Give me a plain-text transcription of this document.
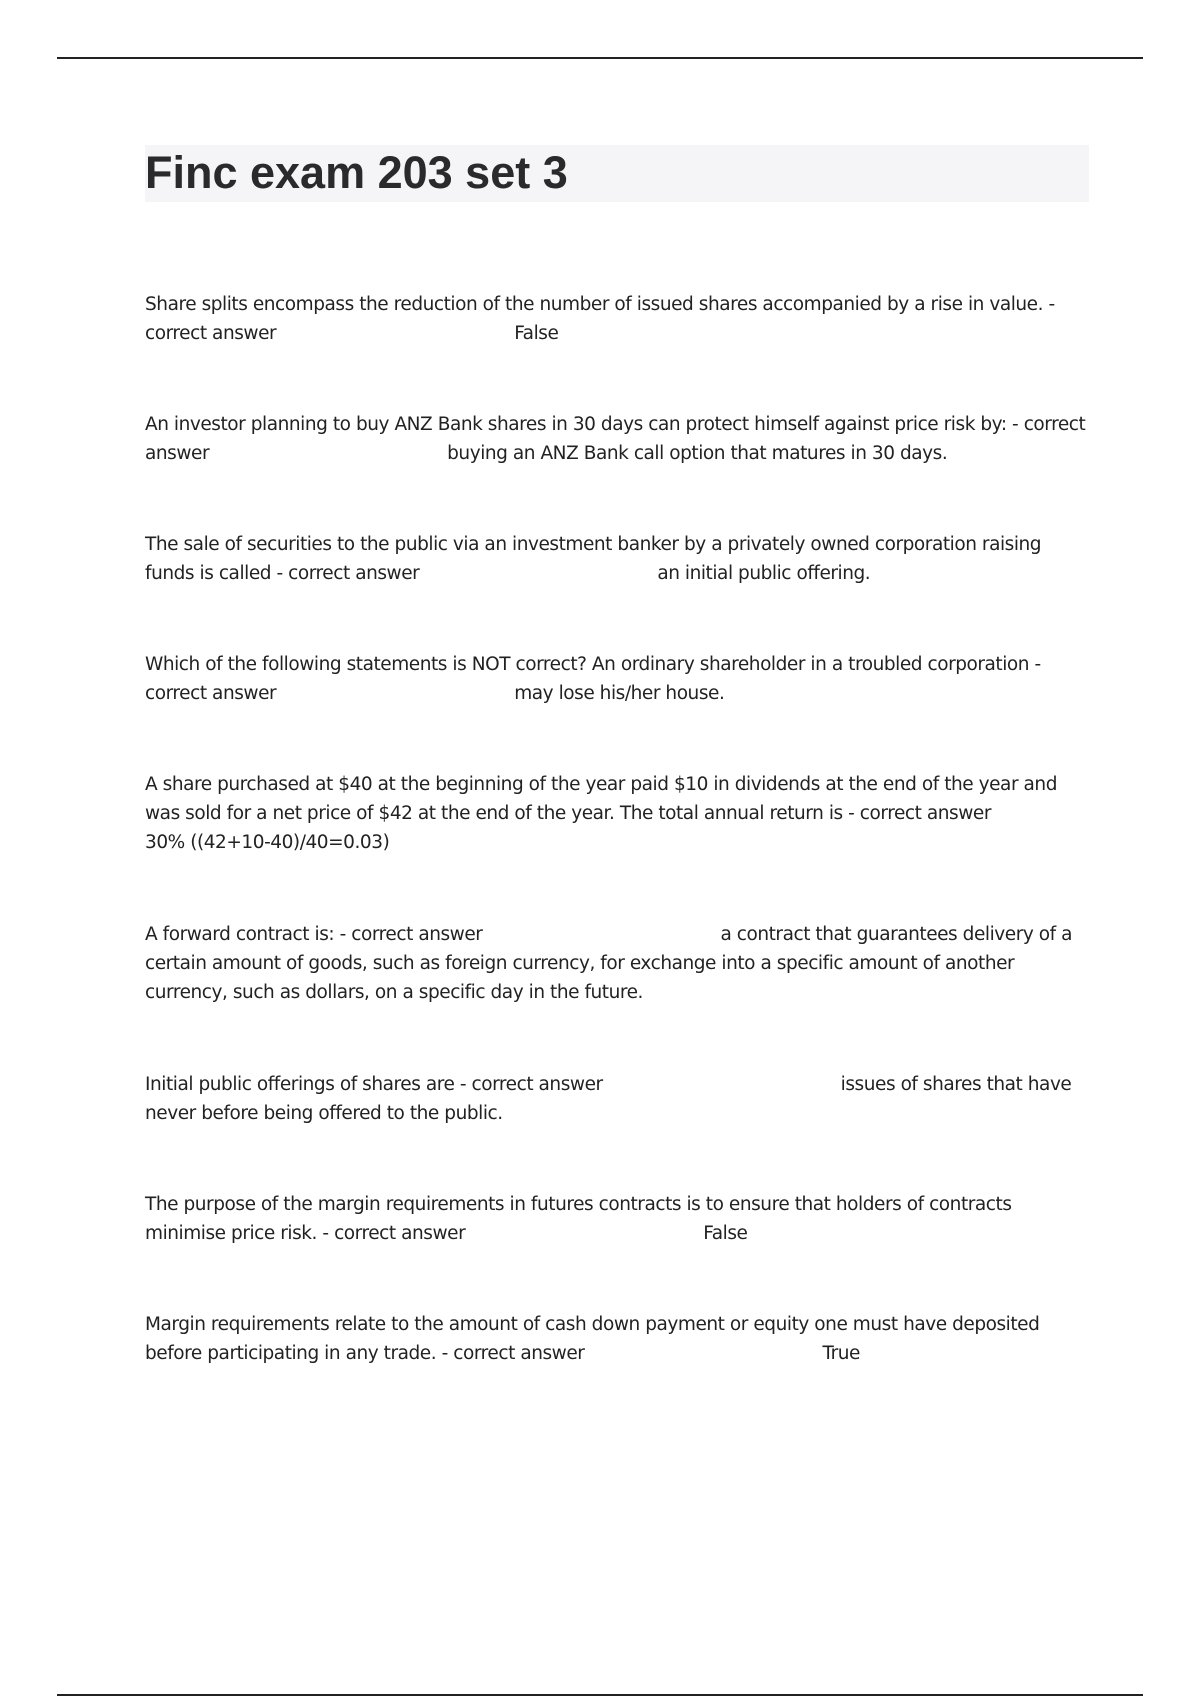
Finc exam 203 set 3
Share splits encompass the reduction of the number of issued shares accompanied by a rise in value. - correct answer	False
An investor planning to buy ANZ Bank shares in 30 days can protect himself against price risk by: - correct answer	buying an ANZ Bank call option that matures in 30 days.
The sale of securities to the public via an investment banker by a privately owned corporation raising funds is called - correct answer	an initial public offering.
Which of the following statements is NOT correct? An ordinary shareholder in a troubled corporation - correct answer	may lose his/her house.
A share purchased at $40 at the beginning of the year paid $10 in dividends at the end of the year and was sold for a net price of $42 at the end of the year. The total annual return is - correct answer30% ((42+10-40)/40=0.03)
A forward contract is: - correct answer	a contract that guarantees delivery of a certain amount of goods, such as foreign currency, for exchange into a specific amount of another currency, such as dollars, on a specific day in the future.
Initial public offerings of shares are - correct answer	issues of shares that have never before being offered to the public.
The purpose of the margin requirements in futures contracts is to ensure that holders of contracts minimise price risk. - correct answer	False
Margin requirements relate to the amount of cash down payment or equity one must have deposited before participating in any trade. - correct answer	True
